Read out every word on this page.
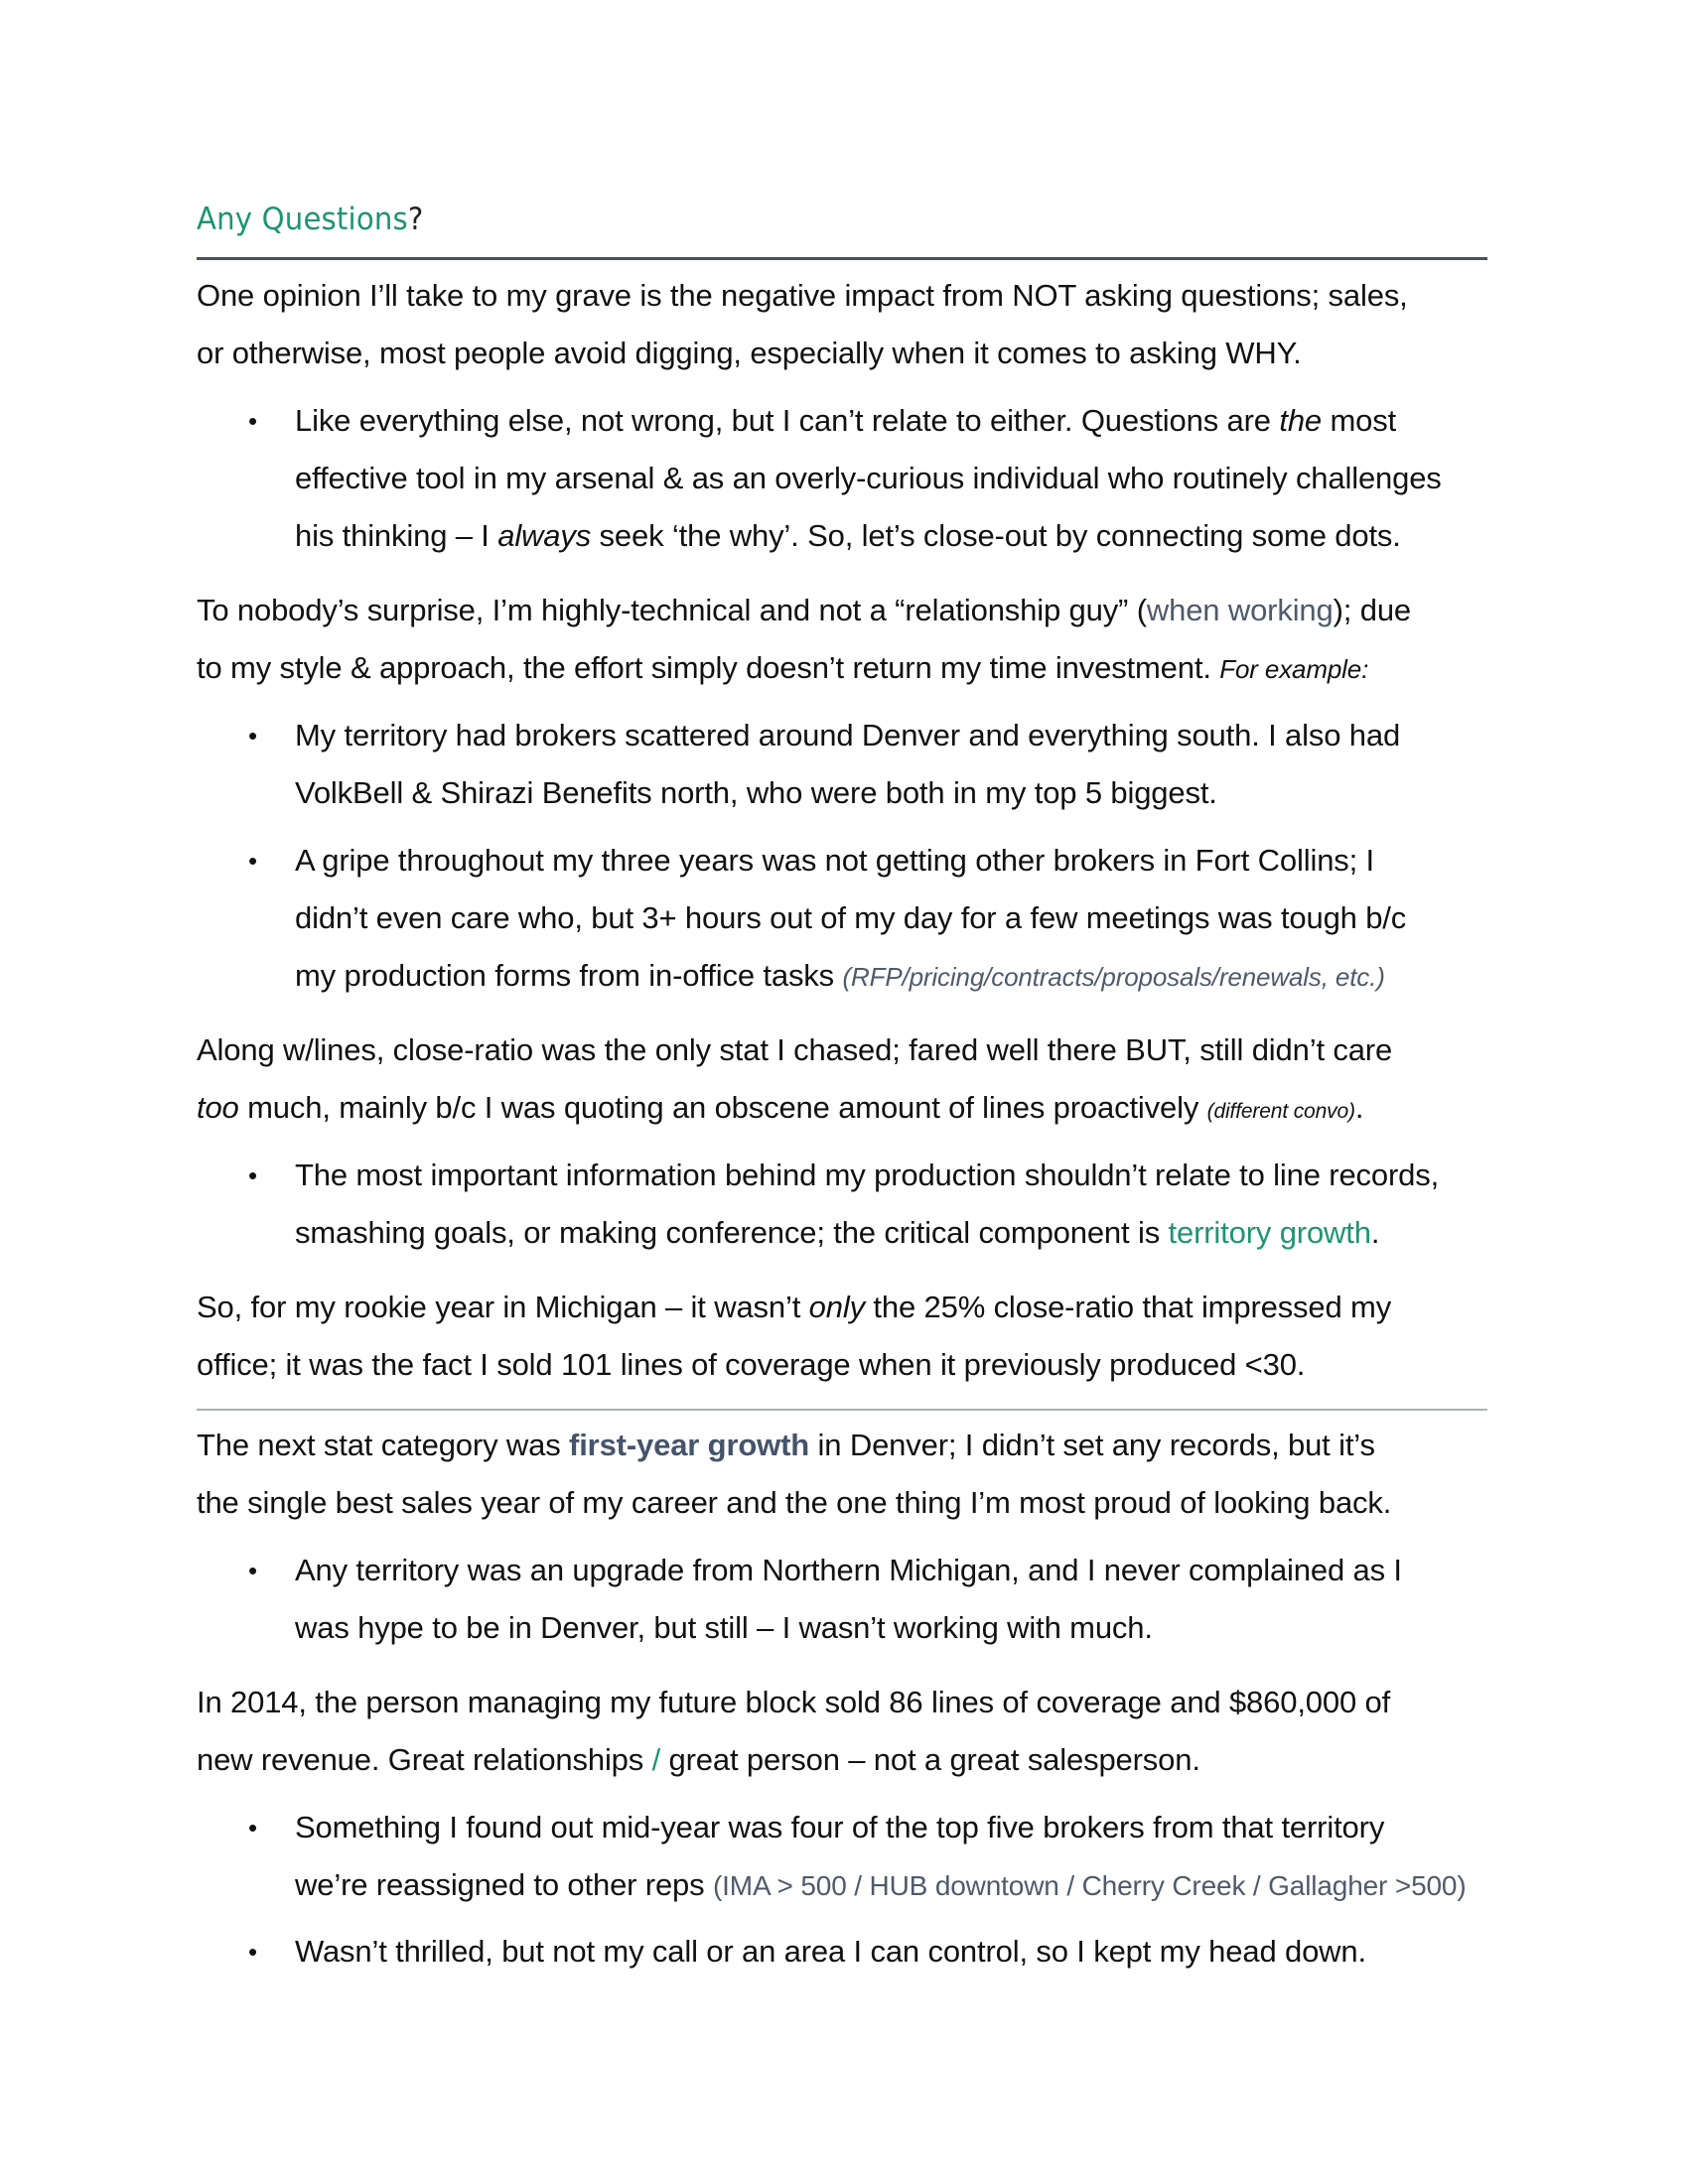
Any Questions?
One opinion I’ll take to my grave is the negative impact from NOT asking questions; sales,
or otherwise, most people avoid digging, especially when it comes to asking WHY.
• Like everything else, not wrong, but I can’t relate to either. Questions are the most
effective tool in my arsenal & as an overly-curious individual who routinely challenges
his thinking – I always seek ‘the why’. So, let’s close-out by connecting some dots.
To nobody’s surprise, I’m highly-technical and not a “relationship guy” (when working); due
to my style & approach, the effort simply doesn’t return my time investment. For example:
• My territory had brokers scattered around Denver and everything south. I also had
VolkBell & Shirazi Benefits north, who were both in my top 5 biggest.
• A gripe throughout my three years was not getting other brokers in Fort Collins; I
didn’t even care who, but 3+ hours out of my day for a few meetings was tough b/c
my production forms from in-office tasks (RFP/pricing/contracts/proposals/renewals, etc.)
Along w/lines, close-ratio was the only stat I chased; fared well there BUT, still didn’t care
too much, mainly b/c I was quoting an obscene amount of lines proactively (different convo).
• The most important information behind my production shouldn’t relate to line records,
smashing goals, or making conference; the critical component is territory growth.
So, for my rookie year in Michigan – it wasn’t only the 25% close-ratio that impressed my
office; it was the fact I sold 101 lines of coverage when it previously produced <30.
The next stat category was first-year growth in Denver; I didn’t set any records, but it’s
the single best sales year of my career and the one thing I’m most proud of looking back.
• Any territory was an upgrade from Northern Michigan, and I never complained as I
was hype to be in Denver, but still – I wasn’t working with much.
In 2014, the person managing my future block sold 86 lines of coverage and $860,000 of
new revenue. Great relationships / great person – not a great salesperson.
• Something I found out mid-year was four of the top five brokers from that territory
we’re reassigned to other reps (IMA > 500 / HUB downtown / Cherry Creek / Gallagher >500)
• Wasn’t thrilled, but not my call or an area I can control, so I kept my head down.
